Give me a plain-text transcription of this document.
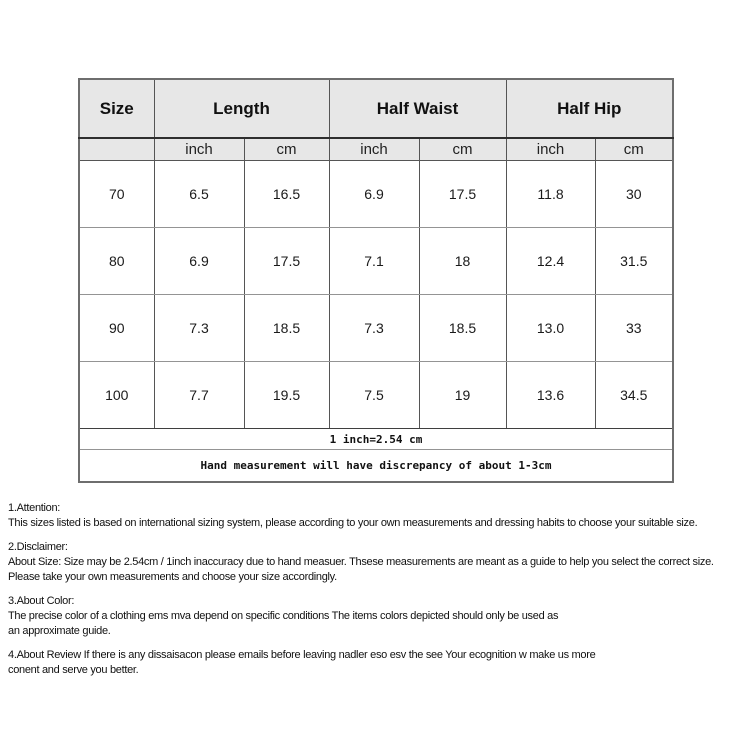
Size	Length		Half Waist		Half Hip	
	inch	cm	inch	cm	inch	cm
70	6.5	16.5	6.9	17.5	11.8	30
80	6.9	17.5	7.1	18	12.4	31.5
90	7.3	18.5	7.3	18.5	13.0	33
100	7.7	19.5	7.5	19	13.6	34.5
1 inch=2.54 cm						
Hand measurement will have discrepancy of about 1-3cm						
1.Attention:
This sizes listed is based on international sizing system, please according to your own measurements and dressing habits to choose your suitable size.
2.Disclaimer:
About Size: Size may be 2.54cm / 1inch inaccuracy due to hand measuer. Thsese measurements are meant as a guide to help you select the correct size.
Please take your own measurements and choose your size accordingly.
3.About Color:
The precise color of a clothing ems mva depend on specific conditions The items colors depicted should only be used as
an approximate guide.
4.About Review If there is any dissaisacon please emails before leaving nadler eso esv the see Your ecognition w make us more
conent and serve you better.
